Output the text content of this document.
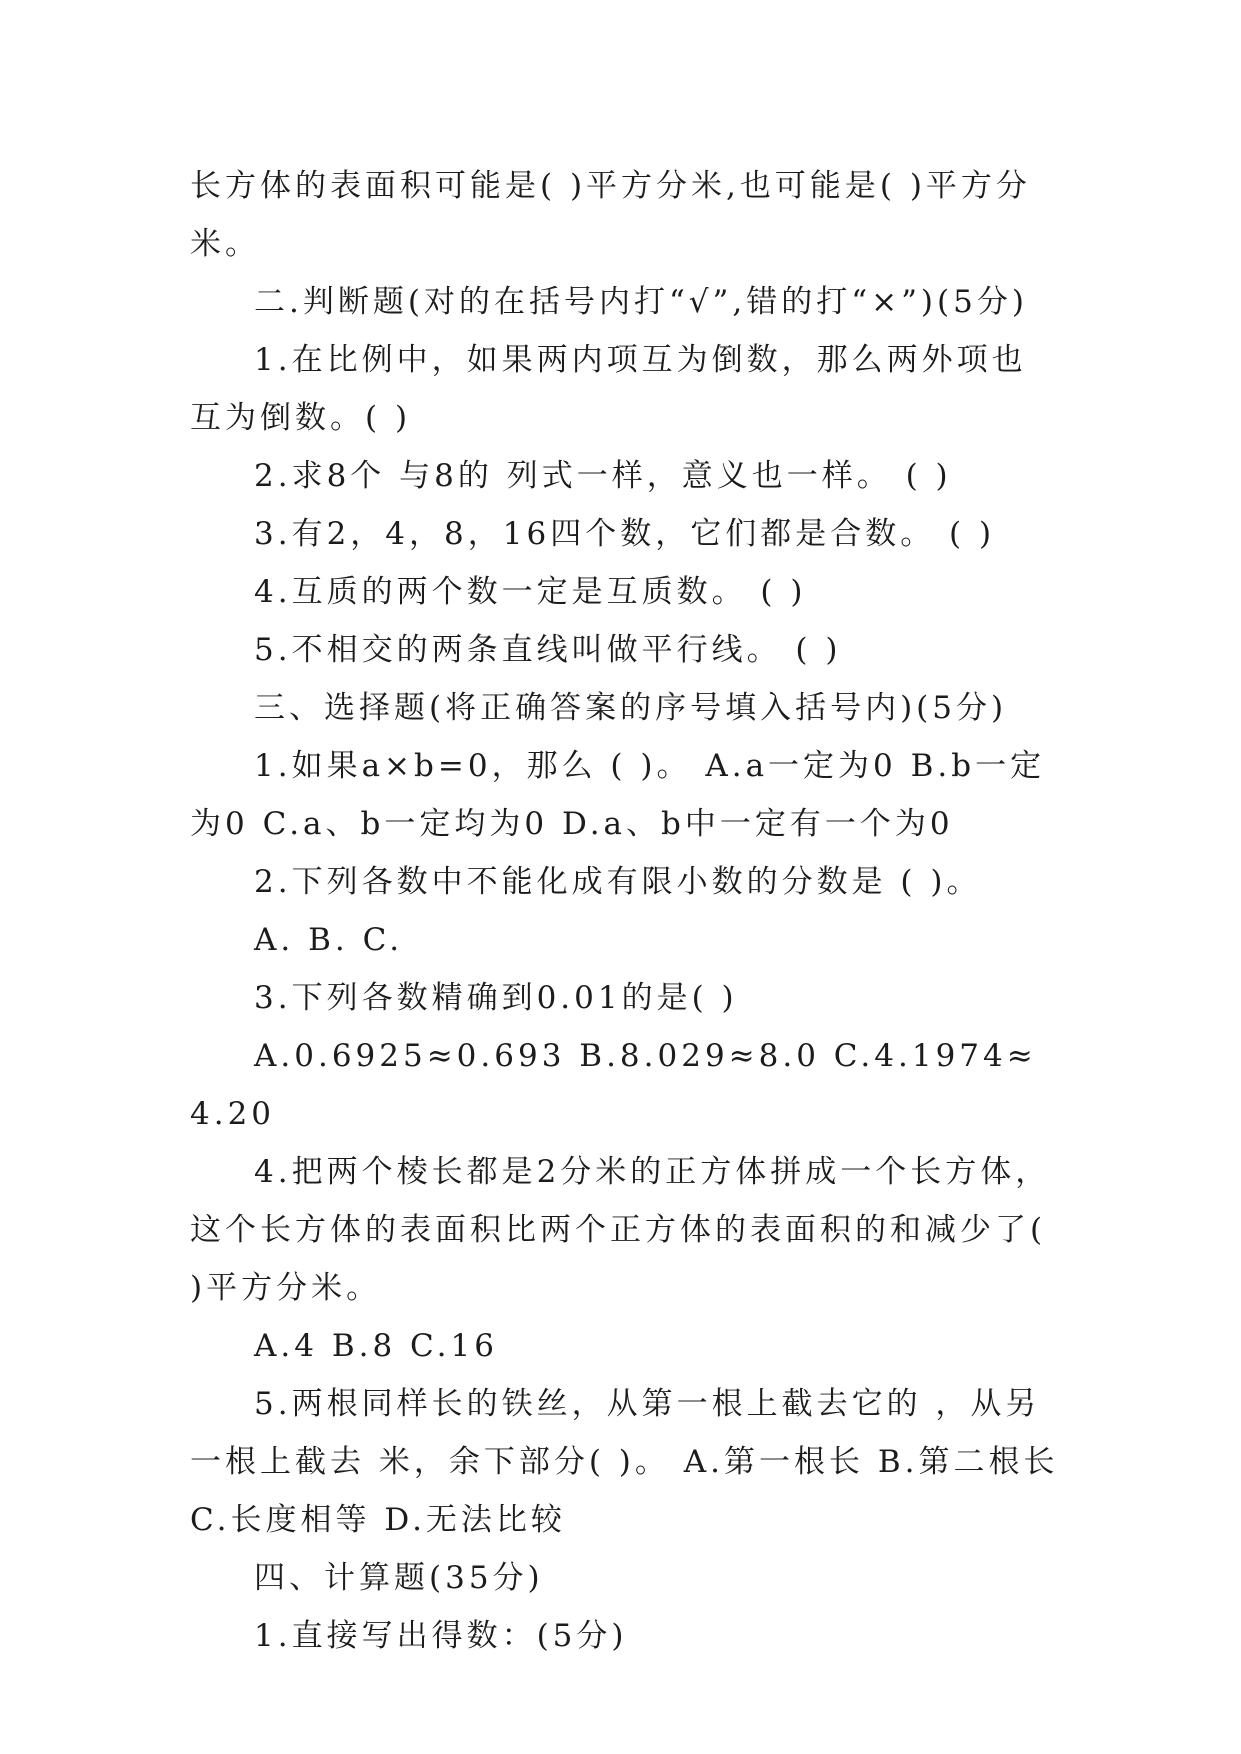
长方体的表面积可能是( )平方分米,也可能是( )平方分米。

二.判断题(对的在括号内打“√”,错的打“×”)(5分)

1.在比例中，如果两内项互为倒数，那么两外项也互为倒数。( )

2.求8个 与8的 列式一样，意义也一样。 ( )

3.有2，4，8，16四个数，它们都是合数。 ( )

4.互质的两个数一定是互质数。 ( )

5.不相交的两条直线叫做平行线。 ( )

三、选择题(将正确答案的序号填入括号内)(5分)

1.如果a×b=0，那么 ( )。 A.a一定为0 B.b一定为0 C.a、b一定均为0 D.a、b中一定有一个为0

2.下列各数中不能化成有限小数的分数是 ( )。

A. B. C.

3.下列各数精确到0.01的是( )

A.0.6925≈0.693 B.8.029≈8.0 C.4.1974≈4.20

4.把两个棱长都是2分米的正方体拼成一个长方体，这个长方体的表面积比两个正方体的表面积的和减少了( )平方分米。

A.4 B.8 C.16

5.两根同样长的铁丝，从第一根上截去它的 ，从另一根上截去 米，余下部分( )。 A.第一根长 B.第二根长 C.长度相等 D.无法比较

四、计算题(35分)

1.直接写出得数：(5分)
